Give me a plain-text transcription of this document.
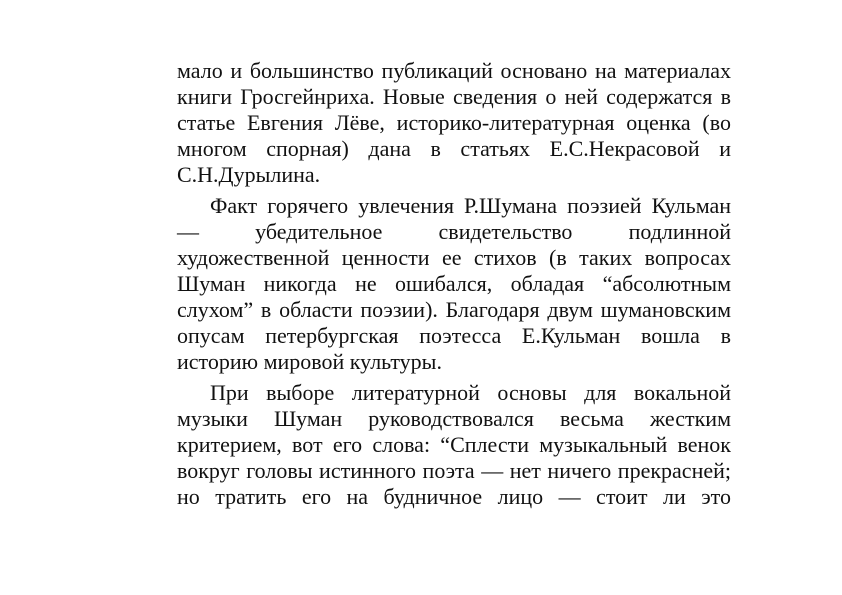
мало и большинство публикаций основано на материалах
книги Гросгейнриха. Новые сведения о ней содержатся в
статье Евгения Лёве, историко-литературная оценка (во
многом спорная) дана в статьях Е.С.Некрасовой и
С.Н.Дурылина.

Факт горячего увлечения Р.Шумана поэзией Кульман
— убедительное свидетельство подлинной
художественной ценности ее стихов (в таких вопросах
Шуман никогда не ошибался, обладая “абсолютным
слухом” в области поэзии). Благодаря двум шумановским
опусам петербургская поэтесса Е.Кульман вошла в
историю мировой культуры.

При выборе литературной основы для вокальной
музыки Шуман руководствовался весьма жестким
критерием, вот его слова: “Сплести музыкальный венок
вокруг головы истинного поэта — нет ничего прекрасней;
но тратить его на будничное лицо — стоит ли это
